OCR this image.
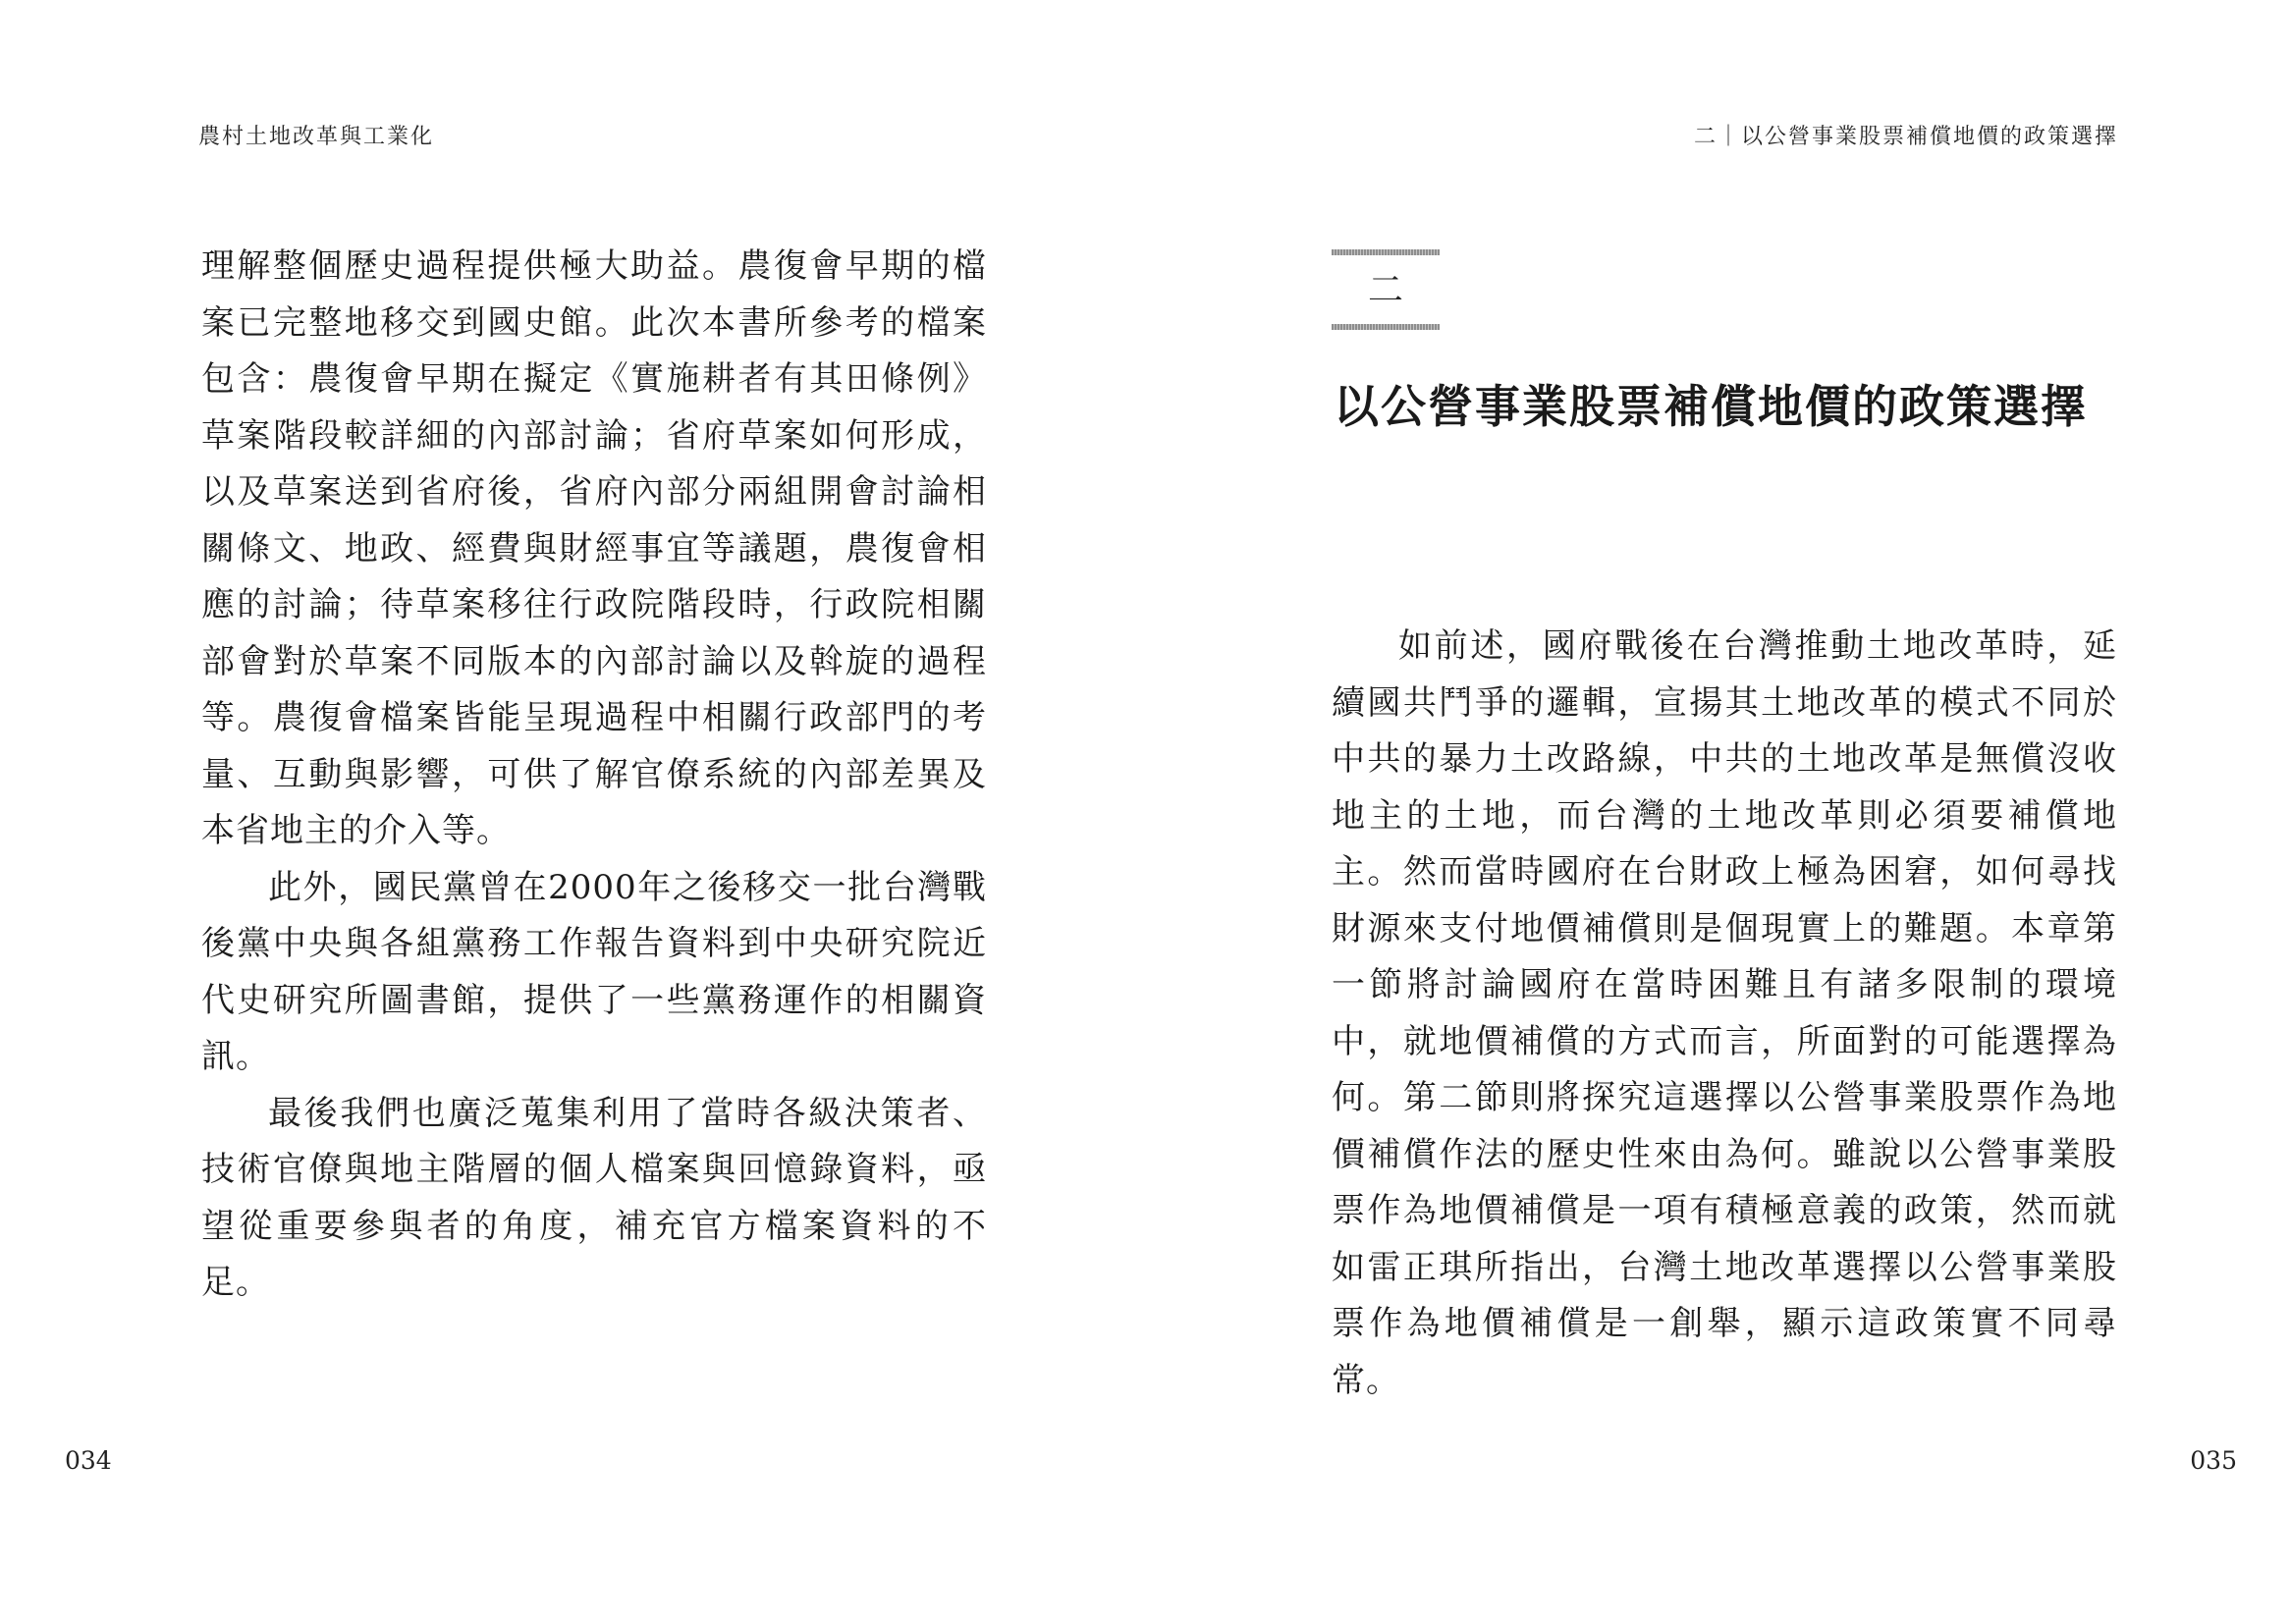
農村土地改革與工業化

理解整個歷史過程提供極大助益。農復會早期的檔案已完整地移交到國史館。此次本書所參考的檔案包含：農復會早期在擬定《實施耕者有其田條例》草案階段較詳細的內部討論；省府草案如何形成，以及草案送到省府後，省府內部分兩組開會討論相關條文、地政、經費與財經事宜等議題，農復會相應的討論；待草案移往行政院階段時，行政院相關部會對於草案不同版本的內部討論以及斡旋的過程等。農復會檔案皆能呈現過程中相關行政部門的考量、互動與影響，可供了解官僚系統的內部差異及本省地主的介入等。

此外，國民黨曾在2000年之後移交一批台灣戰後黨中央與各組黨務工作報告資料到中央研究院近代史研究所圖書館，提供了一些黨務運作的相關資訊。

最後我們也廣泛蒐集利用了當時各級決策者、技術官僚與地主階層的個人檔案與回憶錄資料，亟望從重要參與者的角度，補充官方檔案資料的不足。

034
二｜以公營事業股票補償地價的政策選擇
二
以公營事業股票補償地價的政策選擇

如前述，國府戰後在台灣推動土地改革時，延續國共鬥爭的邏輯，宣揚其土地改革的模式不同於中共的暴力土改路線，中共的土地改革是無償沒收地主的土地，而台灣的土地改革則必須要補償地主。然而當時國府在台財政上極為困窘，如何尋找財源來支付地價補償則是個現實上的難題。本章第一節將討論國府在當時困難且有諸多限制的環境中，就地價補償的方式而言，所面對的可能選擇為何。第二節則將探究這選擇以公營事業股票作為地價補償作法的歷史性來由為何。雖說以公營事業股票作為地價補償是一項有積極意義的政策，然而就如雷正琪所指出，台灣土地改革選擇以公營事業股票作為地價補償是一創舉，顯示這政策實不同尋常。

035
